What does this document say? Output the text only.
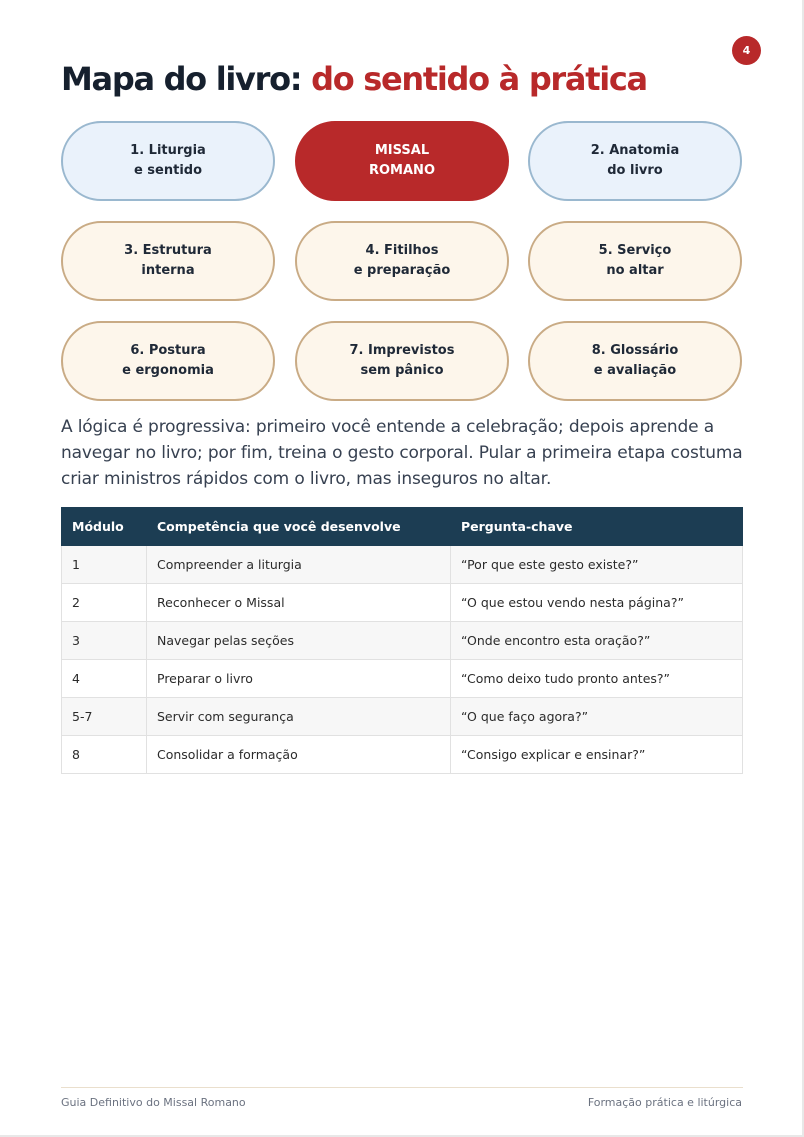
4
Mapa do livro: do sentido à prática
1. Liturgia
e sentido
MISSAL
ROMANO
2. Anatomia
do livro
3. Estrutura
interna
4. Fitilhos
e preparação
5. Serviço
no altar
6. Postura
e ergonomia
7. Imprevistos
sem pânico
8. Glossário
e avaliação

A lógica é progressiva: primeiro você entende a celebração; depois aprende a navegar no livro; por fim, treina o gesto corporal. Pular a primeira etapa costuma criar ministros rápidos com o livro, mas inseguros no altar.

Módulo	Competência que você desenvolve	Pergunta-chave
1	Compreender a liturgia	“Por que este gesto existe?”
2	Reconhecer o Missal	“O que estou vendo nesta página?”
3	Navegar pelas seções	“Onde encontro esta oração?”
4	Preparar o livro	“Como deixo tudo pronto antes?”
5-7	Servir com segurança	“O que faço agora?”
8	Consolidar a formação	“Consigo explicar e ensinar?”
Guia Definitivo do Missal Romano	Formação prática e litúrgica
